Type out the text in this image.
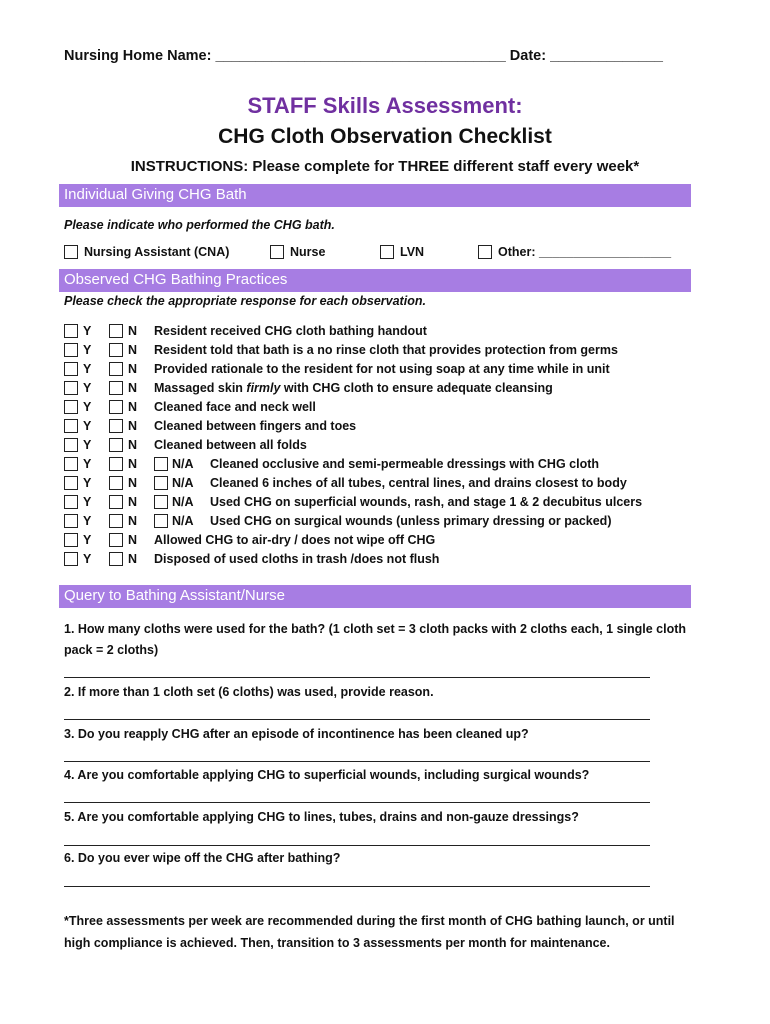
Nursing Home Name: ____________________________________ Date: ______________
STAFF Skills Assessment:
CHG Cloth Observation Checklist
INSTRUCTIONS: Please complete for THREE different staff every week*
Individual Giving CHG Bath
Please indicate who performed the CHG bath.
Nursing Assistant (CNA)	Nurse	LVN	Other: ___________________
Observed CHG Bathing Practices
Please check the appropriate response for each observation.
Y	N Resident received CHG cloth bathing handout
Y	N Resident told that bath is a no rinse cloth that provides protection from germs
Y	N Provided rationale to the resident for not using soap at any time while in unit
Y	N Massaged skin firmly with CHG cloth to ensure adequate cleansing
Y	N Cleaned face and neck well
Y	N Cleaned between fingers and toes
Y	N Cleaned between all folds
Y	N	N/A Cleaned occlusive and semi-permeable dressings with CHG cloth
Y	N	N/A Cleaned 6 inches of all tubes, central lines, and drains closest to body
Y	N	N/A Used CHG on superficial wounds, rash, and stage 1 & 2 decubitus ulcers
Y	N	N/A Used CHG on surgical wounds (unless primary dressing or packed)
Y	N Allowed CHG to air-dry / does not wipe off CHG
Y	N Disposed of used cloths in trash /does not flush
Query to Bathing Assistant/Nurse
1. How many cloths were used for the bath? (1 cloth set = 3 cloth packs with 2 cloths each, 1 single cloth pack = 2 cloths)
2. If more than 1 cloth set (6 cloths) was used, provide reason.
3. Do you reapply CHG after an episode of incontinence has been cleaned up?
4. Are you comfortable applying CHG to superficial wounds, including surgical wounds?
5. Are you comfortable applying CHG to lines, tubes, drains and non-gauze dressings?
6. Do you ever wipe off the CHG after bathing?
*Three assessments per week are recommended during the first month of CHG bathing launch, or until high compliance is achieved. Then, transition to 3 assessments per month for maintenance.
